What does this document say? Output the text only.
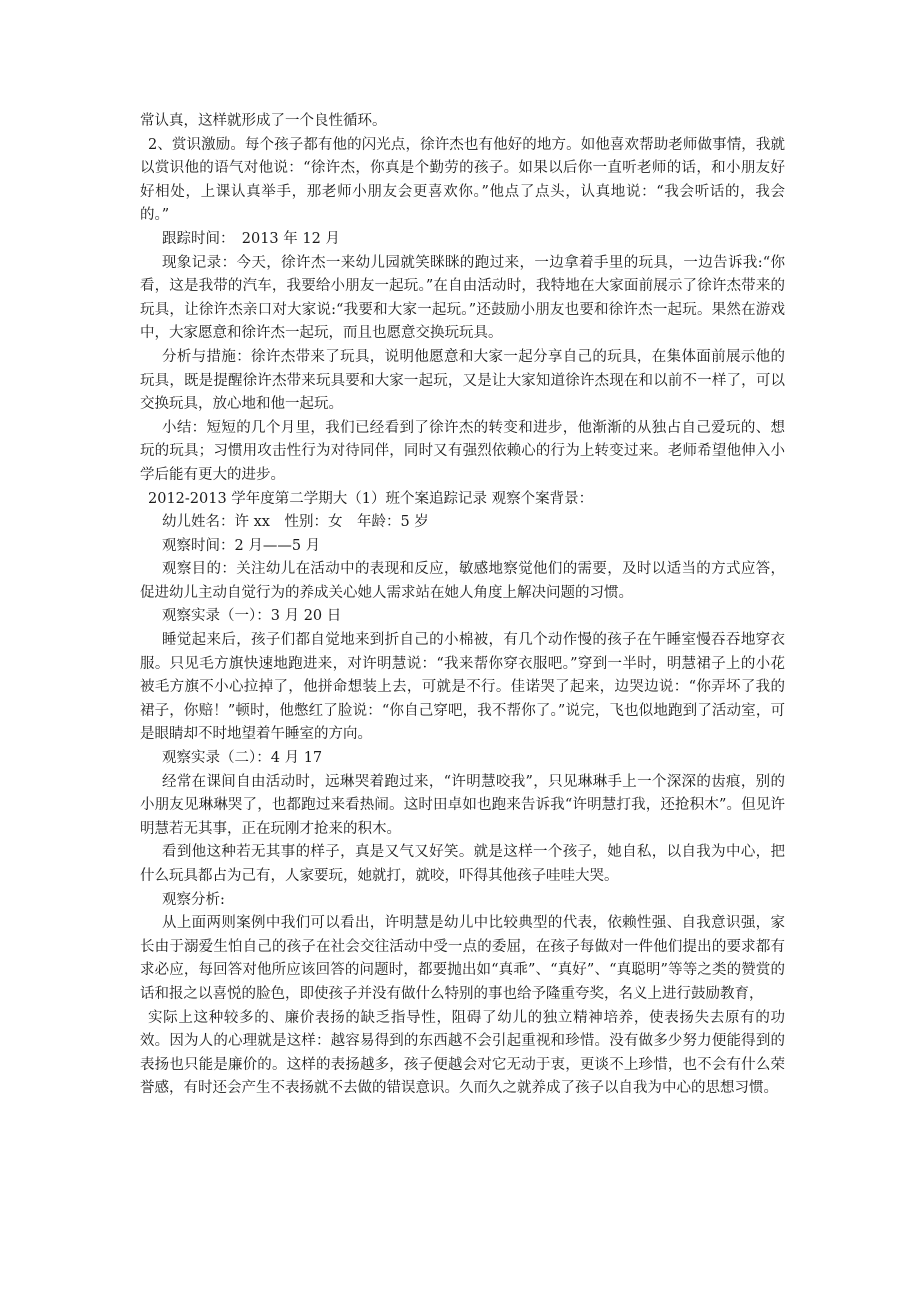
常认真，这样就形成了一个良性循环。

2、赏识激励。每个孩子都有他的闪光点，徐许杰也有他好的地方。如他喜欢帮助老师做事情，我就以赏识他的语气对他说：“徐许杰，你真是个勤劳的孩子。如果以后你一直听老师的话，和小朋友好好相处，上课认真举手，那老师小朋友会更喜欢你。”他点了点头，认真地说：“我会听话的，我会的。”

跟踪时间：　2013 年 12 月

现象记录：今天，徐许杰一来幼儿园就笑眯眯的跑过来，一边拿着手里的玩具，一边告诉我:“你看，这是我带的汽车，我要给小朋友一起玩。”在自由活动时，我特地在大家面前展示了徐许杰带来的玩具，让徐许杰亲口对大家说:“我要和大家一起玩。”还鼓励小朋友也要和徐许杰一起玩。果然在游戏中，大家愿意和徐许杰一起玩，而且也愿意交换玩玩具。

分析与措施：徐许杰带来了玩具，说明他愿意和大家一起分享自己的玩具，在集体面前展示他的玩具，既是提醒徐许杰带来玩具要和大家一起玩，又是让大家知道徐许杰现在和以前不一样了，可以交换玩具，放心地和他一起玩。

小结：短短的几个月里，我们已经看到了徐许杰的转变和进步，他渐渐的从独占自己爱玩的、想玩的玩具；习惯用攻击性行为对待同伴，同时又有强烈依赖心的行为上转变过来。老师希望他伸入小学后能有更大的进步。

2012-2013 学年度第二学期大（1）班个案追踪记录 观察个案背景：

幼儿姓名：许 xx　性别：女　年龄：5 岁

观察时间：2 月——5 月

观察目的：关注幼儿在活动中的表现和反应，敏感地察觉他们的需要，及时以适当的方式应答，促进幼儿主动自觉行为的养成关心她人需求站在她人角度上解决问题的习惯。

观察实录（一）：3 月 20 日

睡觉起来后，孩子们都自觉地来到折自己的小棉被，有几个动作慢的孩子在午睡室慢吞吞地穿衣服。只见毛方旗快速地跑进来，对许明慧说：“我来帮你穿衣服吧。”穿到一半时，明慧裙子上的小花被毛方旗不小心拉掉了，他拼命想装上去，可就是不行。佳诺哭了起来，边哭边说：“你弄坏了我的裙子，你赔！”顿时，他憋红了脸说：“你自己穿吧，我不帮你了。”说完，飞也似地跑到了活动室，可是眼睛却不时地望着午睡室的方向。

观察实录（二）：4 月 17

经常在课间自由活动时，远琳哭着跑过来，“许明慧咬我”，只见琳琳手上一个深深的齿痕，别的小朋友见琳琳哭了，也都跑过来看热闹。这时田卓如也跑来告诉我“许明慧打我，还抢积木”。但见许明慧若无其事，正在玩刚才抢来的积木。

看到他这种若无其事的样子，真是又气又好笑。就是这样一个孩子，她自私，以自我为中心，把什么玩具都占为己有，人家要玩，她就打，就咬，吓得其他孩子哇哇大哭。

观察分析:

从上面两则案例中我们可以看出，许明慧是幼儿中比较典型的代表，依赖性强、自我意识强，家长由于溺爱生怕自己的孩子在社会交往活动中受一点的委屈，在孩子每做对一件他们提出的要求都有求必应，每回答对他所应该回答的问题时，都要抛出如“真乖”、“真好”、“真聪明”等等之类的赞赏的话和报之以喜悦的脸色，即使孩子并没有做什么特别的事也给予隆重夸奖，名义上进行鼓励教育，

实际上这种较多的、廉价表扬的缺乏指导性，阻碍了幼儿的独立精神培养，使表扬失去原有的功效。因为人的心理就是这样：越容易得到的东西越不会引起重视和珍惜。没有做多少努力便能得到的表扬也只能是廉价的。这样的表扬越多，孩子便越会对它无动于衷，更谈不上珍惜，也不会有什么荣誉感，有时还会产生不表扬就不去做的错误意识。久而久之就养成了孩子以自我为中心的思想习惯。
